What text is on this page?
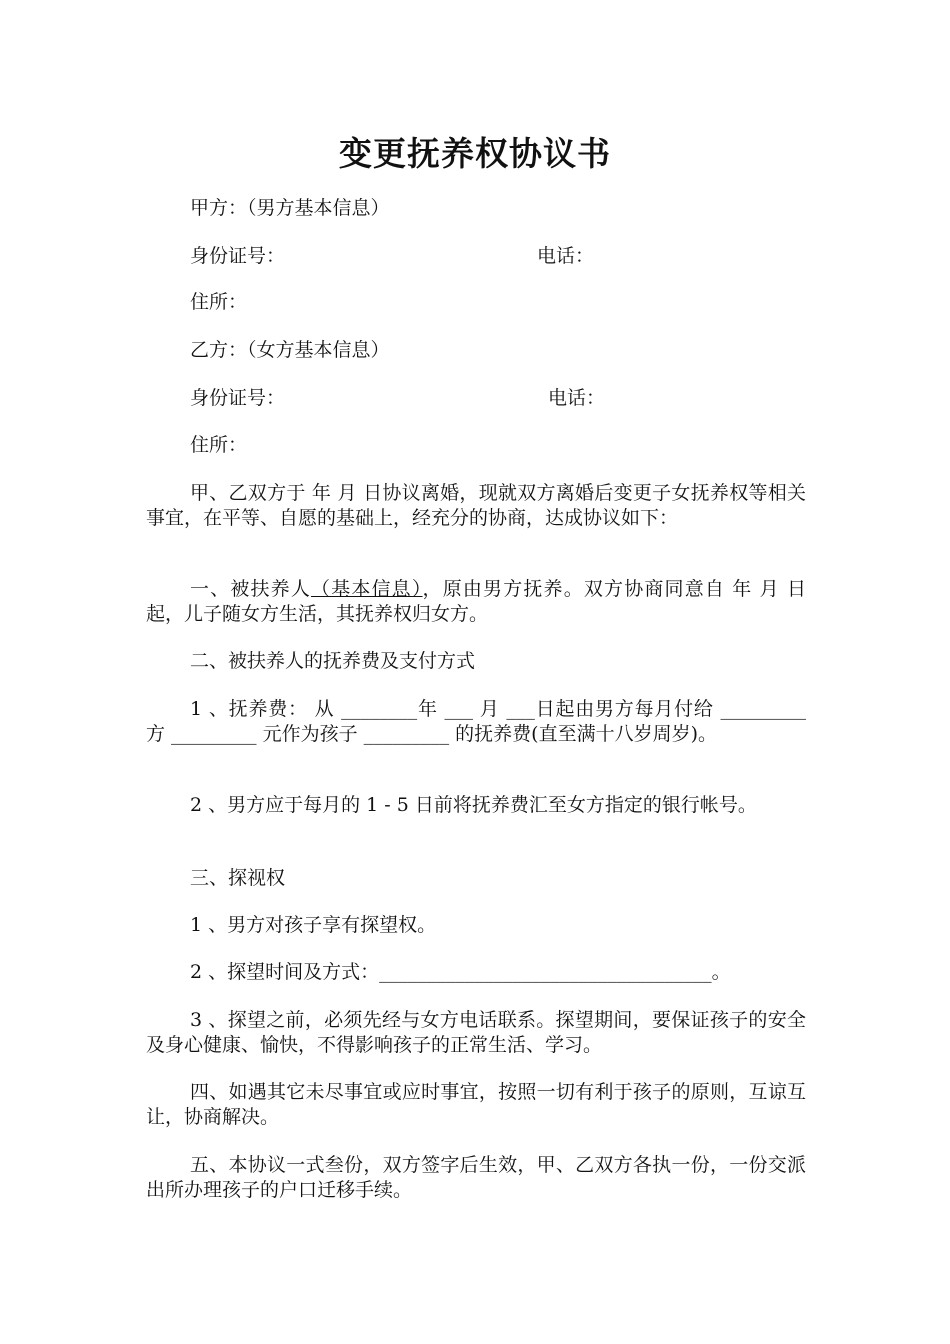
变更抚养权协议书
甲方：（男方基本信息）
身份证号：	电话：
住所：
乙方：（女方基本信息）
身份证号：	电话：
住所：
甲、乙双方于 年 月 日协议离婚，现就双方离婚后变更子女抚养权等相关事宜，在平等、自愿的基础上，经充分的协商，达成协议如下：
一、被扶养人（基本信息），原由男方抚养。双方协商同意自 年 月 日起，儿子随女方生活，其抚养权归女方。
二、被扶养人的抚养费及支付方式
1 、抚养费： 从 ________年 ___ 月 ___日起由男方每月付给 _________ 方 _________ 元作为孩子 _________ 的抚养费(直至满十八岁周岁)。
2 、男方应于每月的 1 - 5 日前将抚养费汇至女方指定的银行帐号。
三、探视权
1 、男方对孩子享有探望权。
2 、探望时间及方式：___________________________________。
3 、探望之前，必须先经与女方电话联系。探望期间，要保证孩子的安全及身心健康、愉快，不得影响孩子的正常生活、学习。
四、如遇其它未尽事宜或应时事宜，按照一切有利于孩子的原则，互谅互让，协商解决。
五、本协议一式叁份，双方签字后生效，甲、乙双方各执一份，一份交派出所办理孩子的户口迁移手续。
